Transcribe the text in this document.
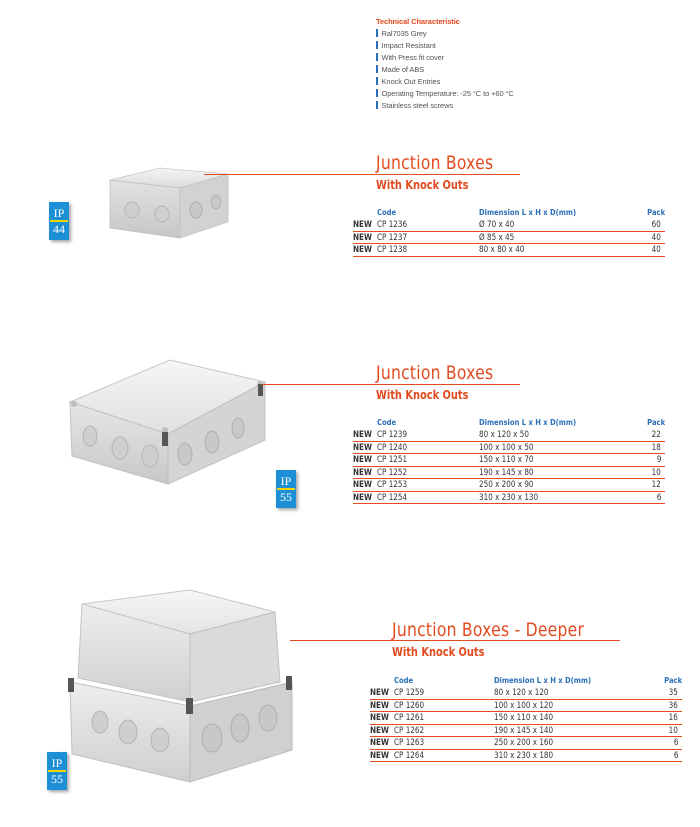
Technical Characteristic
Ral7035 Grey
Impact Resistant
With Press fit cover
Made of ABS
Knock Out Entries
Operating Temperature: -25 °C to +60 °C
Stainless steel screws
IP
44
Junction Boxes
With Knock Outs
Code	Dimension L x H x D(mm)	Pack
NEW CP 1236	Ø 70 x 40	60
NEW CP 1237	Ø 85 x 45	40
NEW CP 1238	80 x 80 x 40	40
IP
55
Junction Boxes
With Knock Outs
Code	Dimension L x H x D(mm)	Pack
NEW CP 1239	80 x 120 x 50	22
NEW CP 1240	100 x 100 x 50	18
NEW CP 1251	150 x 110 x 70	9
NEW CP 1252	190 x 145 x 80	10
NEW CP 1253	250 x 200 x 90	12
NEW CP 1254	310 x 230 x 130	6
IP
55
Junction Boxes - Deeper
With Knock Outs
Code	Dimension L x H x D(mm)	Pack
NEW CP 1259	80 x 120 x 120	35
NEW CP 1260	100 x 100 x 120	36
NEW CP 1261	150 x 110 x 140	16
NEW CP 1262	190 x 145 x 140	10
NEW CP 1263	250 x 200 x 160	6
NEW CP 1264	310 x 230 x 180	6
